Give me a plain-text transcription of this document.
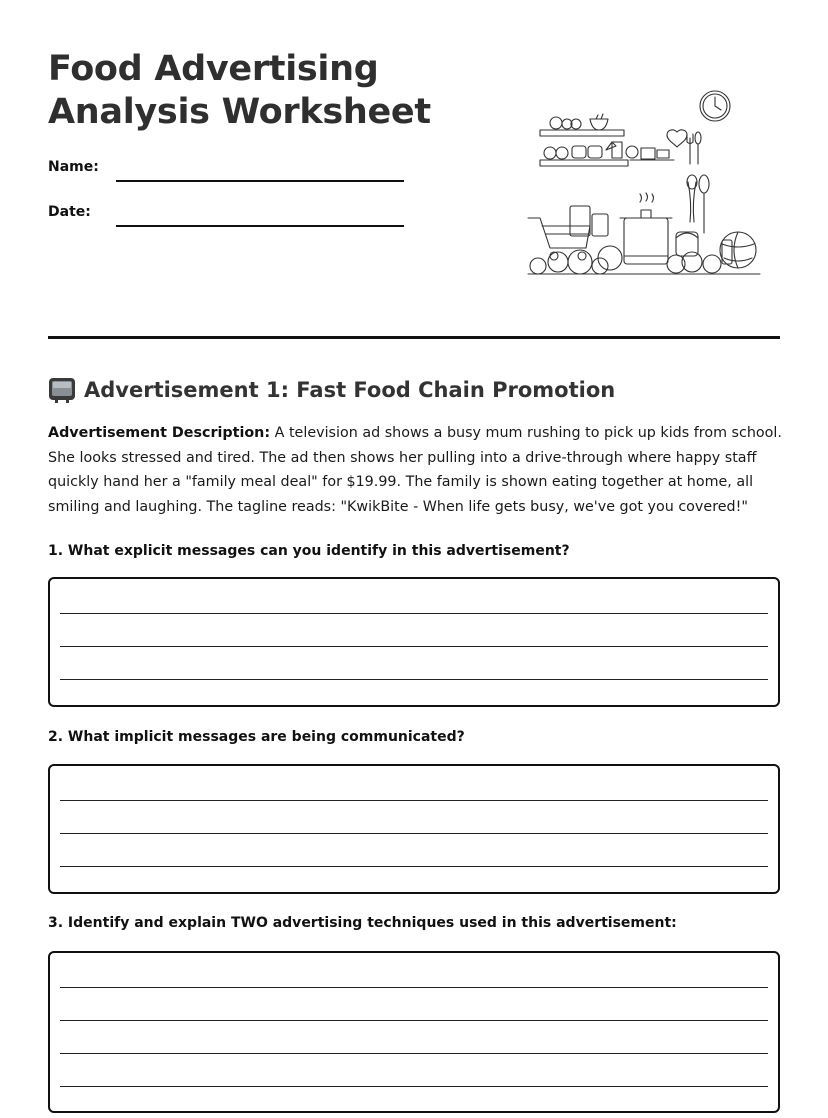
Food Advertising
Analysis Worksheet
Name:
Date:
Advertisement 1: Fast Food Chain Promotion

Advertisement Description: A television ad shows a busy mum rushing to pick up kids from school. She looks stressed and tired. The ad then shows her pulling into a drive-through where happy staff quickly hand her a "family meal deal" for $19.99. The family is shown eating together at home, all smiling and laughing. The tagline reads: "KwikBite - When life gets busy, we've got you covered!"

1. What explicit messages can you identify in this advertisement?

2. What implicit messages are being communicated?

3. Identify and explain TWO advertising techniques used in this advertisement:
